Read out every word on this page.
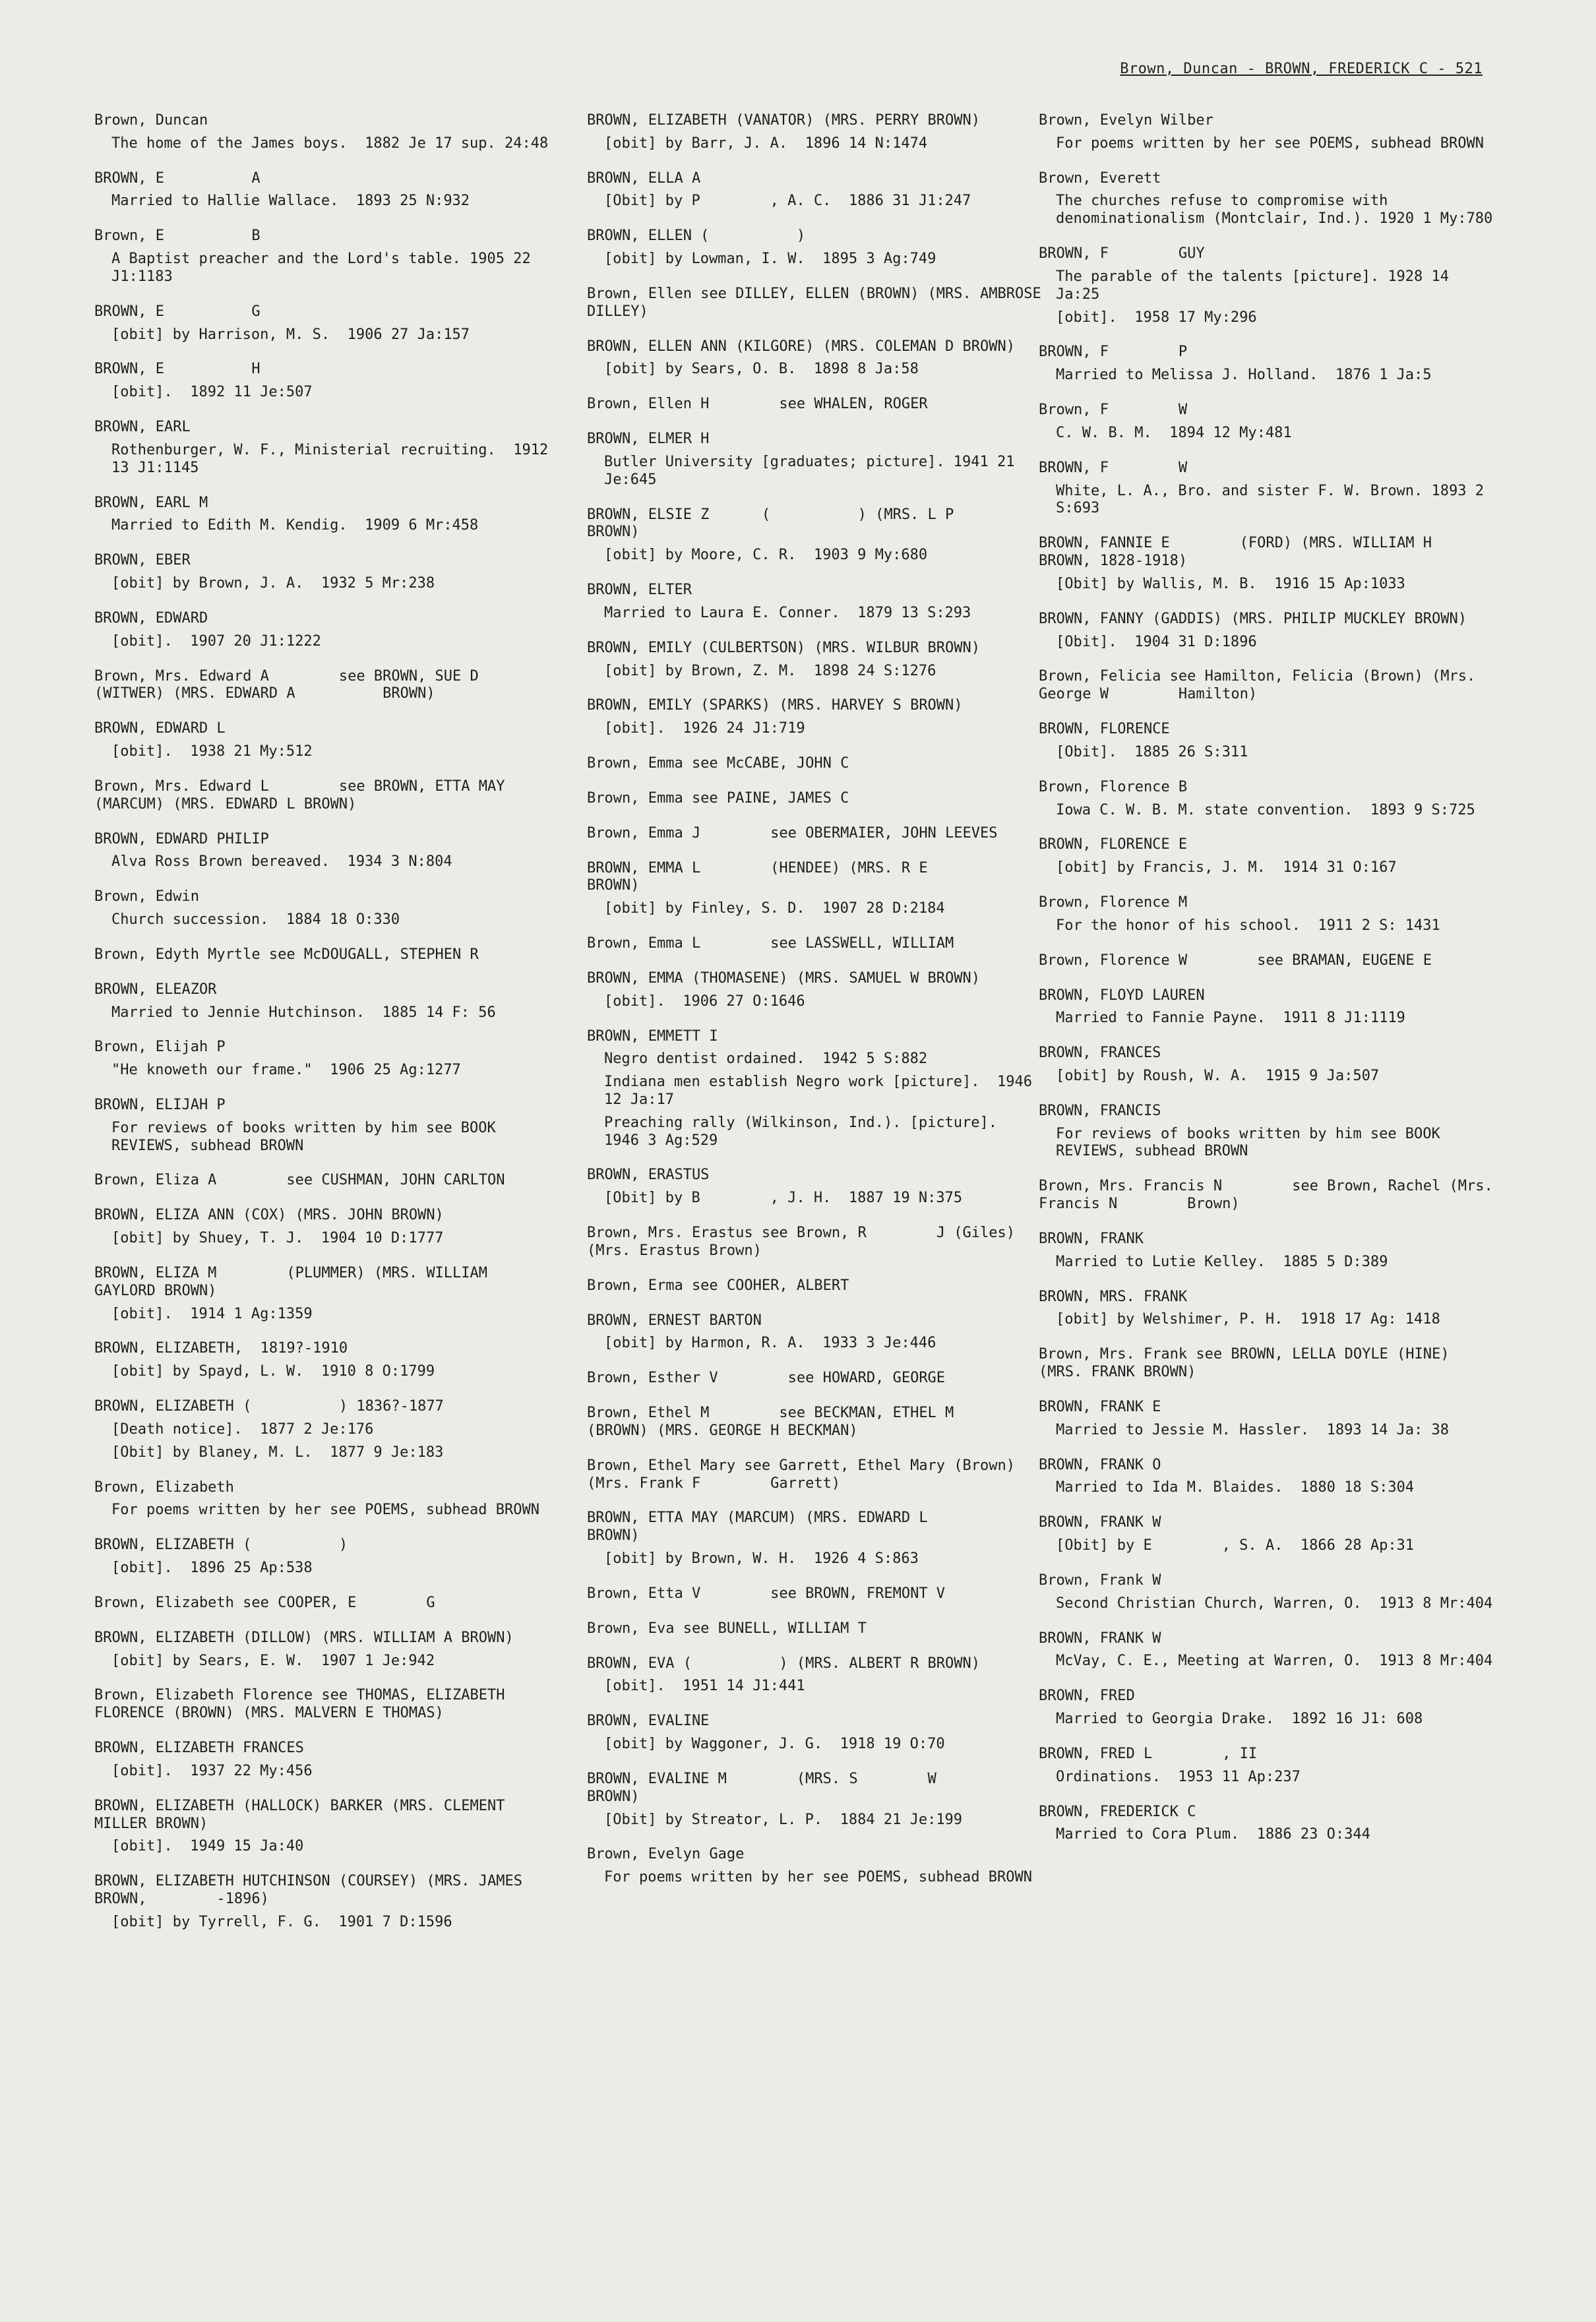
Brown, Duncan - BROWN, FREDERICK C - 521
Brown, Duncan
The home of the James boys.  1882 Je 17 sup. 24:48
BROWN, E          A
Married to Hallie Wallace.  1893 25 N:932
Brown, E          B
A Baptist preacher and the Lord's table. 1905 22 J1:1183
BROWN, E          G
[obit] by Harrison, M. S.  1906 27 Ja:157
BROWN, E          H
[obit].  1892 11 Je:507
BROWN, EARL
Rothenburger, W. F., Ministerial recruiting.  1912 13 J1:1145
BROWN, EARL M
Married to Edith M. Kendig.  1909 6 Mr:458
BROWN, EBER
[obit] by Brown, J. A.  1932 5 Mr:238
BROWN, EDWARD
[obit].  1907 20 J1:1222
Brown, Mrs. Edward A        see BROWN, SUE D      (WITWER) (MRS. EDWARD A          BROWN)
BROWN, EDWARD L
[obit].  1938 21 My:512
Brown, Mrs. Edward L        see BROWN, ETTA MAY (MARCUM) (MRS. EDWARD L BROWN)
BROWN, EDWARD PHILIP
Alva Ross Brown bereaved.  1934 3 N:804
Brown, Edwin
Church succession.  1884 18 O:330
Brown, Edyth Myrtle see McDOUGALL, STEPHEN R
BROWN, ELEAZOR
Married to Jennie Hutchinson.  1885 14 F: 56
Brown, Elijah P
"He knoweth our frame."  1906 25 Ag:1277
BROWN, ELIJAH P
For reviews of books written by him see BOOK REVIEWS, subhead BROWN
Brown, Eliza A        see CUSHMAN, JOHN CARLTON
BROWN, ELIZA ANN (COX) (MRS. JOHN BROWN)
[obit] by Shuey, T. J.  1904 10 D:1777
BROWN, ELIZA M        (PLUMMER) (MRS. WILLIAM GAYLORD BROWN)
[obit].  1914 1 Ag:1359
BROWN, ELIZABETH,  1819?-1910
[obit] by Spayd, L. W.  1910 8 O:1799
BROWN, ELIZABETH (          ) 1836?-1877
[Death notice].  1877 2 Je:176
[Obit] by Blaney, M. L.  1877 9 Je:183
Brown, Elizabeth
For poems written by her see POEMS, subhead BROWN
BROWN, ELIZABETH (          )
[obit].  1896 25 Ap:538
Brown, Elizabeth see COOPER, E        G
BROWN, ELIZABETH (DILLOW) (MRS. WILLIAM A BROWN)
[obit] by Sears, E. W.  1907 1 Je:942
Brown, Elizabeth Florence see THOMAS, ELIZABETH FLORENCE (BROWN) (MRS. MALVERN E THOMAS)
BROWN, ELIZABETH FRANCES
[obit].  1937 22 My:456
BROWN, ELIZABETH (HALLOCK) BARKER (MRS. CLEMENT MILLER BROWN)
[obit].  1949 15 Ja:40
BROWN, ELIZABETH HUTCHINSON (COURSEY) (MRS. JAMES BROWN,        -1896)
[obit] by Tyrrell, F. G.  1901 7 D:1596
BROWN, ELIZABETH (VANATOR) (MRS. PERRY BROWN)
[obit] by Barr, J. A.  1896 14 N:1474
BROWN, ELLA A
[Obit] by P        , A. C.  1886 31 J1:247
BROWN, ELLEN (          )
[obit] by Lowman, I. W.  1895 3 Ag:749
Brown, Ellen see DILLEY, ELLEN (BROWN) (MRS. AMBROSE DILLEY)
BROWN, ELLEN ANN (KILGORE) (MRS. COLEMAN D BROWN)
[obit] by Sears, O. B.  1898 8 Ja:58
Brown, Ellen H        see WHALEN, ROGER
BROWN, ELMER H
Butler University [graduates; picture]. 1941 21 Je:645
BROWN, ELSIE Z      (          ) (MRS. L P        BROWN)
[obit] by Moore, C. R.  1903 9 My:680
BROWN, ELTER
Married to Laura E. Conner.  1879 13 S:293
BROWN, EMILY (CULBERTSON) (MRS. WILBUR BROWN)
[obit] by Brown, Z. M.  1898 24 S:1276
BROWN, EMILY (SPARKS) (MRS. HARVEY S BROWN)
[obit].  1926 24 J1:719
Brown, Emma see McCABE, JOHN C
Brown, Emma see PAINE, JAMES C
Brown, Emma J        see OBERMAIER, JOHN LEEVES
BROWN, EMMA L        (HENDEE) (MRS. R E        BROWN)
[obit] by Finley, S. D.  1907 28 D:2184
Brown, Emma L        see LASSWELL, WILLIAM
BROWN, EMMA (THOMASENE) (MRS. SAMUEL W BROWN)
[obit].  1906 27 O:1646
BROWN, EMMETT I
Negro dentist ordained.  1942 5 S:882
Indiana men establish Negro work [picture].  1946 12 Ja:17
Preaching rally (Wilkinson, Ind.). [picture].  1946 3 Ag:529
BROWN, ERASTUS
[Obit] by B        , J. H.  1887 19 N:375
Brown, Mrs. Erastus see Brown, R        J (Giles) (Mrs. Erastus Brown)
Brown, Erma see COOHER, ALBERT
BROWN, ERNEST BARTON
[obit] by Harmon, R. A.  1933 3 Je:446
Brown, Esther V        see HOWARD, GEORGE
Brown, Ethel M        see BECKMAN, ETHEL M        (BROWN) (MRS. GEORGE H BECKMAN)
Brown, Ethel Mary see Garrett, Ethel Mary (Brown) (Mrs. Frank F        Garrett)
BROWN, ETTA MAY (MARCUM) (MRS. EDWARD L        BROWN)
[obit] by Brown, W. H.  1926 4 S:863
Brown, Etta V        see BROWN, FREMONT V
Brown, Eva see BUNELL, WILLIAM T
BROWN, EVA (          ) (MRS. ALBERT R BROWN)
[obit].  1951 14 J1:441
BROWN, EVALINE
[obit] by Waggoner, J. G.  1918 19 O:70
BROWN, EVALINE M        (MRS. S        W        BROWN)
[Obit] by Streator, L. P.  1884 21 Je:199
Brown, Evelyn Gage
For poems written by her see POEMS, subhead BROWN
Brown, Evelyn Wilber
For poems written by her see POEMS, subhead BROWN
Brown, Everett
The churches refuse to compromise with denominationalism (Montclair, Ind.). 1920 1 My:780
BROWN, F        GUY
The parable of the talents [picture]. 1928 14 Ja:25
[obit].  1958 17 My:296
BROWN, F        P
Married to Melissa J. Holland.  1876 1 Ja:5
Brown, F        W
C. W. B. M.  1894 12 My:481
BROWN, F        W
White, L. A., Bro. and sister F. W. Brown. 1893 2 S:693
BROWN, FANNIE E        (FORD) (MRS. WILLIAM H        BROWN, 1828-1918)
[Obit] by Wallis, M. B.  1916 15 Ap:1033
BROWN, FANNY (GADDIS) (MRS. PHILIP MUCKLEY BROWN)
[Obit].  1904 31 D:1896
Brown, Felicia see Hamilton, Felicia (Brown) (Mrs. George W        Hamilton)
BROWN, FLORENCE
[Obit].  1885 26 S:311
Brown, Florence B
Iowa C. W. B. M. state convention.  1893 9 S:725
BROWN, FLORENCE E
[obit] by Francis, J. M.  1914 31 O:167
Brown, Florence M
For the honor of his school.  1911 2 S: 1431
Brown, Florence W        see BRAMAN, EUGENE E
BROWN, FLOYD LAUREN
Married to Fannie Payne.  1911 8 J1:1119
BROWN, FRANCES
[obit] by Roush, W. A.  1915 9 Ja:507
BROWN, FRANCIS
For reviews of books written by him see BOOK REVIEWS, subhead BROWN
Brown, Mrs. Francis N        see Brown, Rachel (Mrs. Francis N        Brown)
BROWN, FRANK
Married to Lutie Kelley.  1885 5 D:389
BROWN, MRS. FRANK
[obit] by Welshimer, P. H.  1918 17 Ag: 1418
Brown, Mrs. Frank see BROWN, LELLA DOYLE (HINE) (MRS. FRANK BROWN)
BROWN, FRANK E
Married to Jessie M. Hassler.  1893 14 Ja: 38
BROWN, FRANK O
Married to Ida M. Blaides.  1880 18 S:304
BROWN, FRANK W
[Obit] by E        , S. A.  1866 28 Ap:31
Brown, Frank W
Second Christian Church, Warren, O.  1913 8 Mr:404
BROWN, FRANK W
McVay, C. E., Meeting at Warren, O.  1913 8 Mr:404
BROWN, FRED
Married to Georgia Drake.  1892 16 J1: 608
BROWN, FRED L        , II
Ordinations.  1953 11 Ap:237
BROWN, FREDERICK C
Married to Cora Plum.  1886 23 O:344
